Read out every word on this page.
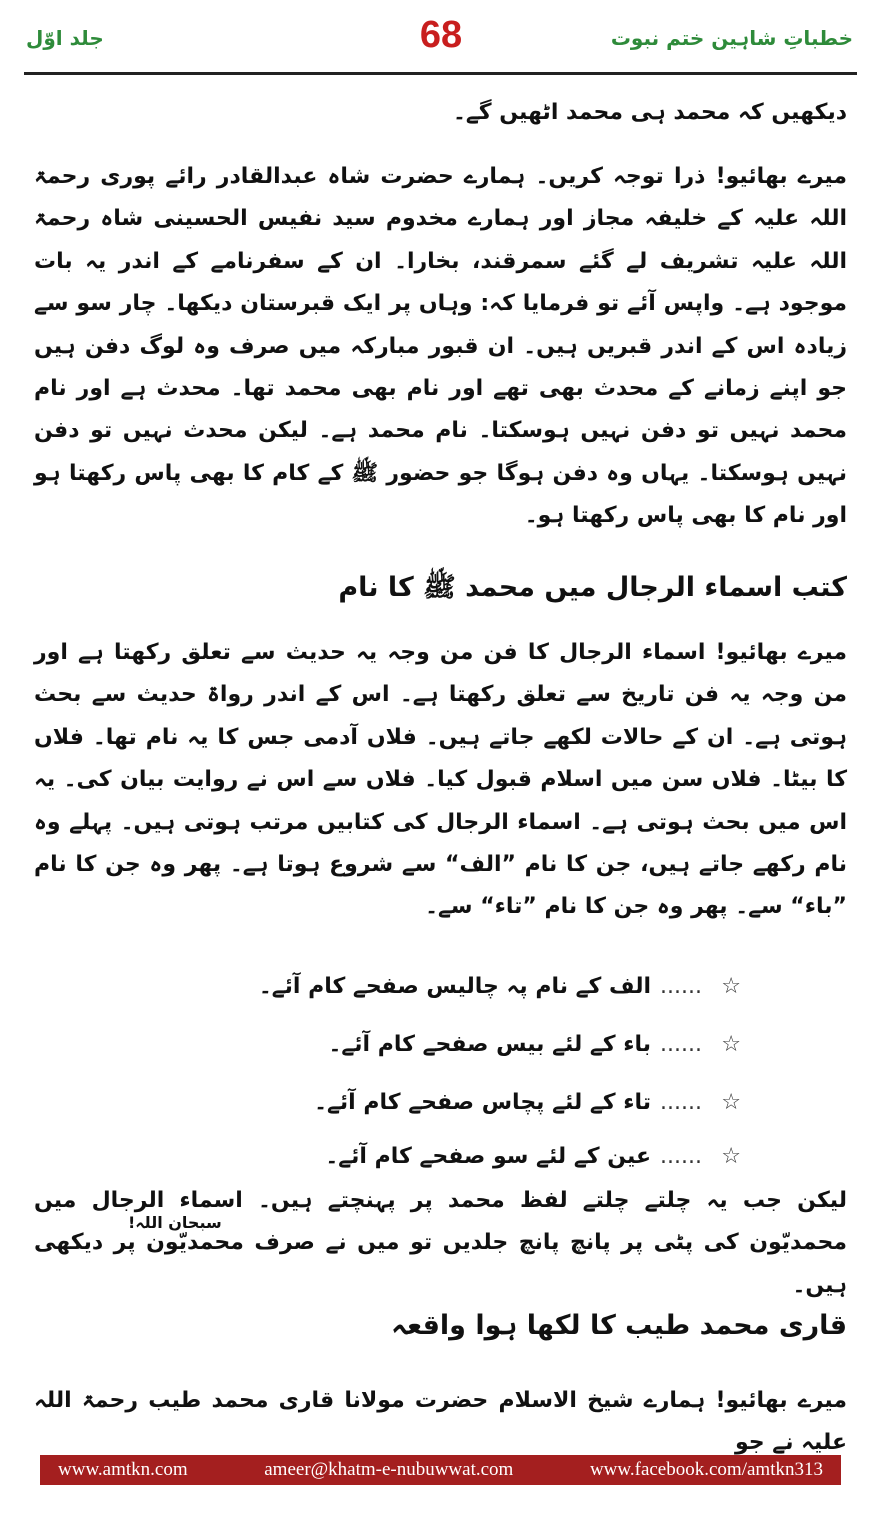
جلد اوّل	68	خطباتِ شاہین ختم نبوت
دیکھیں کہ محمد ہی محمد اٹھیں گے۔
میرے بھائیو! ذرا توجہ کریں۔ ہمارے حضرت شاہ عبدالقادر رائے پوری رحمۃ اللہ علیہ کے خلیفہ مجاز اور ہمارے مخدوم سید نفیس الحسینی شاہ رحمۃ اللہ علیہ تشریف لے گئے سمرقند، بخارا۔ ان کے سفرنامے کے اندر یہ بات موجود ہے۔ واپس آئے تو فرمایا کہ: وہاں پر ایک قبرستان دیکھا۔ چار سو سے زیادہ اس کے اندر قبریں ہیں۔ ان قبور مبارکہ میں صرف وہ لوگ دفن ہیں جو اپنے زمانے کے محدث بھی تھے اور نام بھی محمد تھا۔ محدث ہے اور نام محمد نہیں تو دفن نہیں ہوسکتا۔ نام محمد ہے۔ لیکن محدث نہیں تو دفن نہیں ہوسکتا۔ یہاں وہ دفن ہوگا جو حضور ﷺ کے کام کا بھی پاس رکھتا ہو اور نام کا بھی پاس رکھتا ہو۔
کتب اسماء الرجال میں محمد ﷺ کا نام
میرے بھائیو! اسماء الرجال کا فن من وجہ یہ حدیث سے تعلق رکھتا ہے اور من وجہ یہ فن تاریخ سے تعلق رکھتا ہے۔ اس کے اندر رواۃ حدیث سے بحث ہوتی ہے۔ ان کے حالات لکھے جاتے ہیں۔ فلاں آدمی جس کا یہ نام تھا۔ فلاں کا بیٹا۔ فلاں سن میں اسلام قبول کیا۔ فلاں سے اس نے روایت بیان کی۔ یہ اس میں بحث ہوتی ہے۔ اسماء الرجال کی کتابیں مرتب ہوتی ہیں۔ پہلے وہ نام رکھے جاتے ہیں، جن کا نام ”الف“ سے شروع ہوتا ہے۔ پھر وہ جن کا نام ”باء“ سے۔ پھر وہ جن کا نام ”تاء“ سے۔
☆......الف کے نام پہ چالیس صفحے کام آئے۔
☆......باء کے لئے بیس صفحے کام آئے۔
☆......تاء کے لئے پچاس صفحے کام آئے۔
☆......عین کے لئے سو صفحے کام آئے۔
لیکن جب یہ چلتے چلتے لفظ محمد پر پہنچتے ہیں۔ اسماء الرجال میں محمدیّون کی پٹی پر پانچ پانچ جلدیں تو میں نے صرف محمدیّون پر دیکھی ہیں۔
سبحان اللہ!
قاری محمد طیب کا لکھا ہوا واقعہ
میرے بھائیو! ہمارے شیخ الاسلام حضرت مولانا قاری محمد طیب رحمۃ اللہ علیہ نے جو
www.amtkn.com	ameer@khatm-e-nubuwwat.com	www.facebook.com/amtkn313
